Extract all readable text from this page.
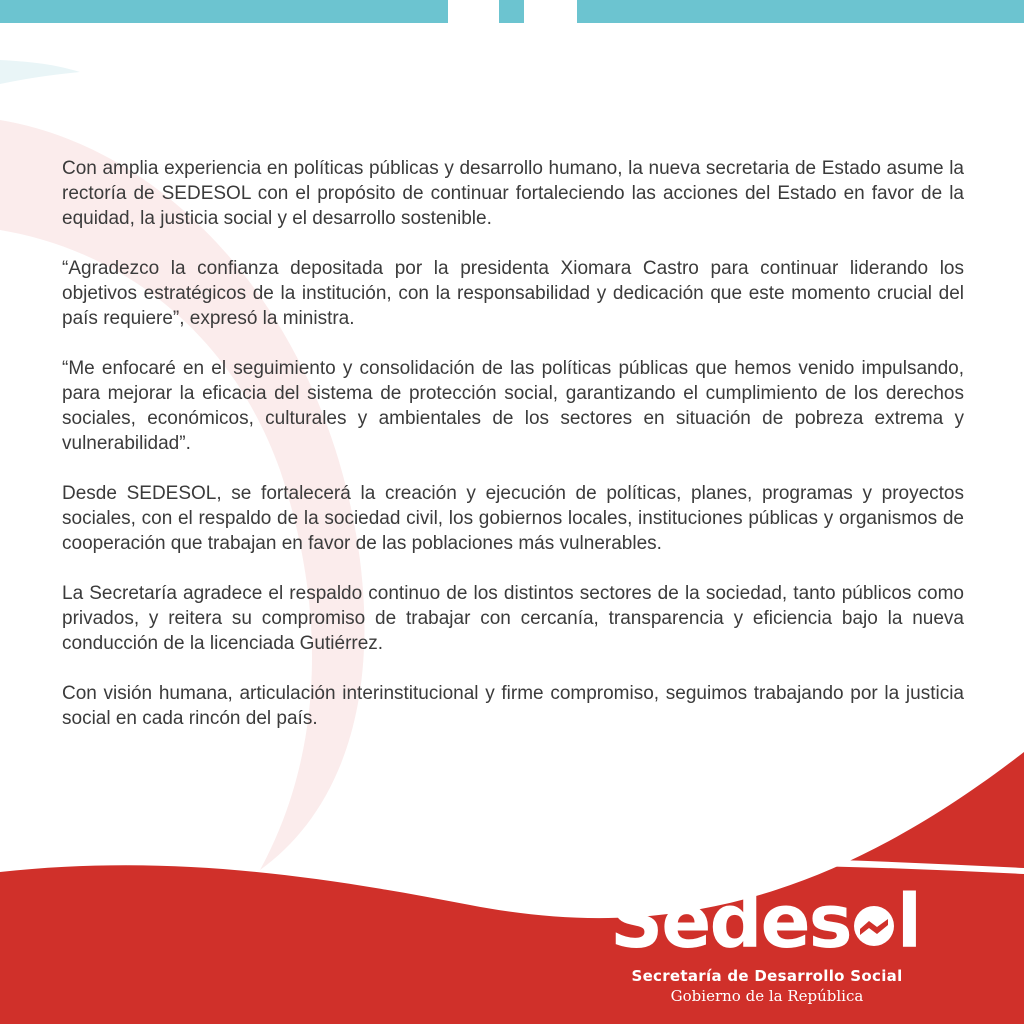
Con amplia experiencia en políticas públicas y desarrollo humano, la nueva secretaria de Estado asume la rectoría de SEDESOL con el propósito de continuar fortaleciendo las acciones del Estado en favor de la equidad, la justicia social y el desarrollo sostenible.

“Agradezco la confianza depositada por la presidenta Xiomara Castro para continuar liderando los objetivos estratégicos de la institución, con la responsabilidad y dedicación que este momento crucial del país requiere”, expresó la ministra.

“Me enfocaré en el seguimiento y consolidación de las políticas públicas que hemos venido impulsando, para mejorar la eficacia del sistema de protección social, garantizando el cumplimiento de los derechos sociales, económicos, culturales y ambientales de los sectores en situación de pobreza extrema y vulnerabilidad”.

Desde SEDESOL, se fortalecerá la creación y ejecución de políticas, planes, programas y proyectos sociales, con el respaldo de la sociedad civil, los gobiernos locales, instituciones públicas y organismos de cooperación que trabajan en favor de las poblaciones más vulnerables.

La Secretaría agradece el respaldo continuo de los distintos sectores de la sociedad, tanto públicos como privados, y reitera su compromiso de trabajar con cercanía, transparencia y eficiencia bajo la nueva conducción de la licenciada Gutiérrez.

Con visión humana, articulación interinstitucional y firme compromiso, seguimos trabajando por la justicia social en cada rincón del país.

Sedes l
Secretaría de Desarrollo Social
Gobierno de la República
